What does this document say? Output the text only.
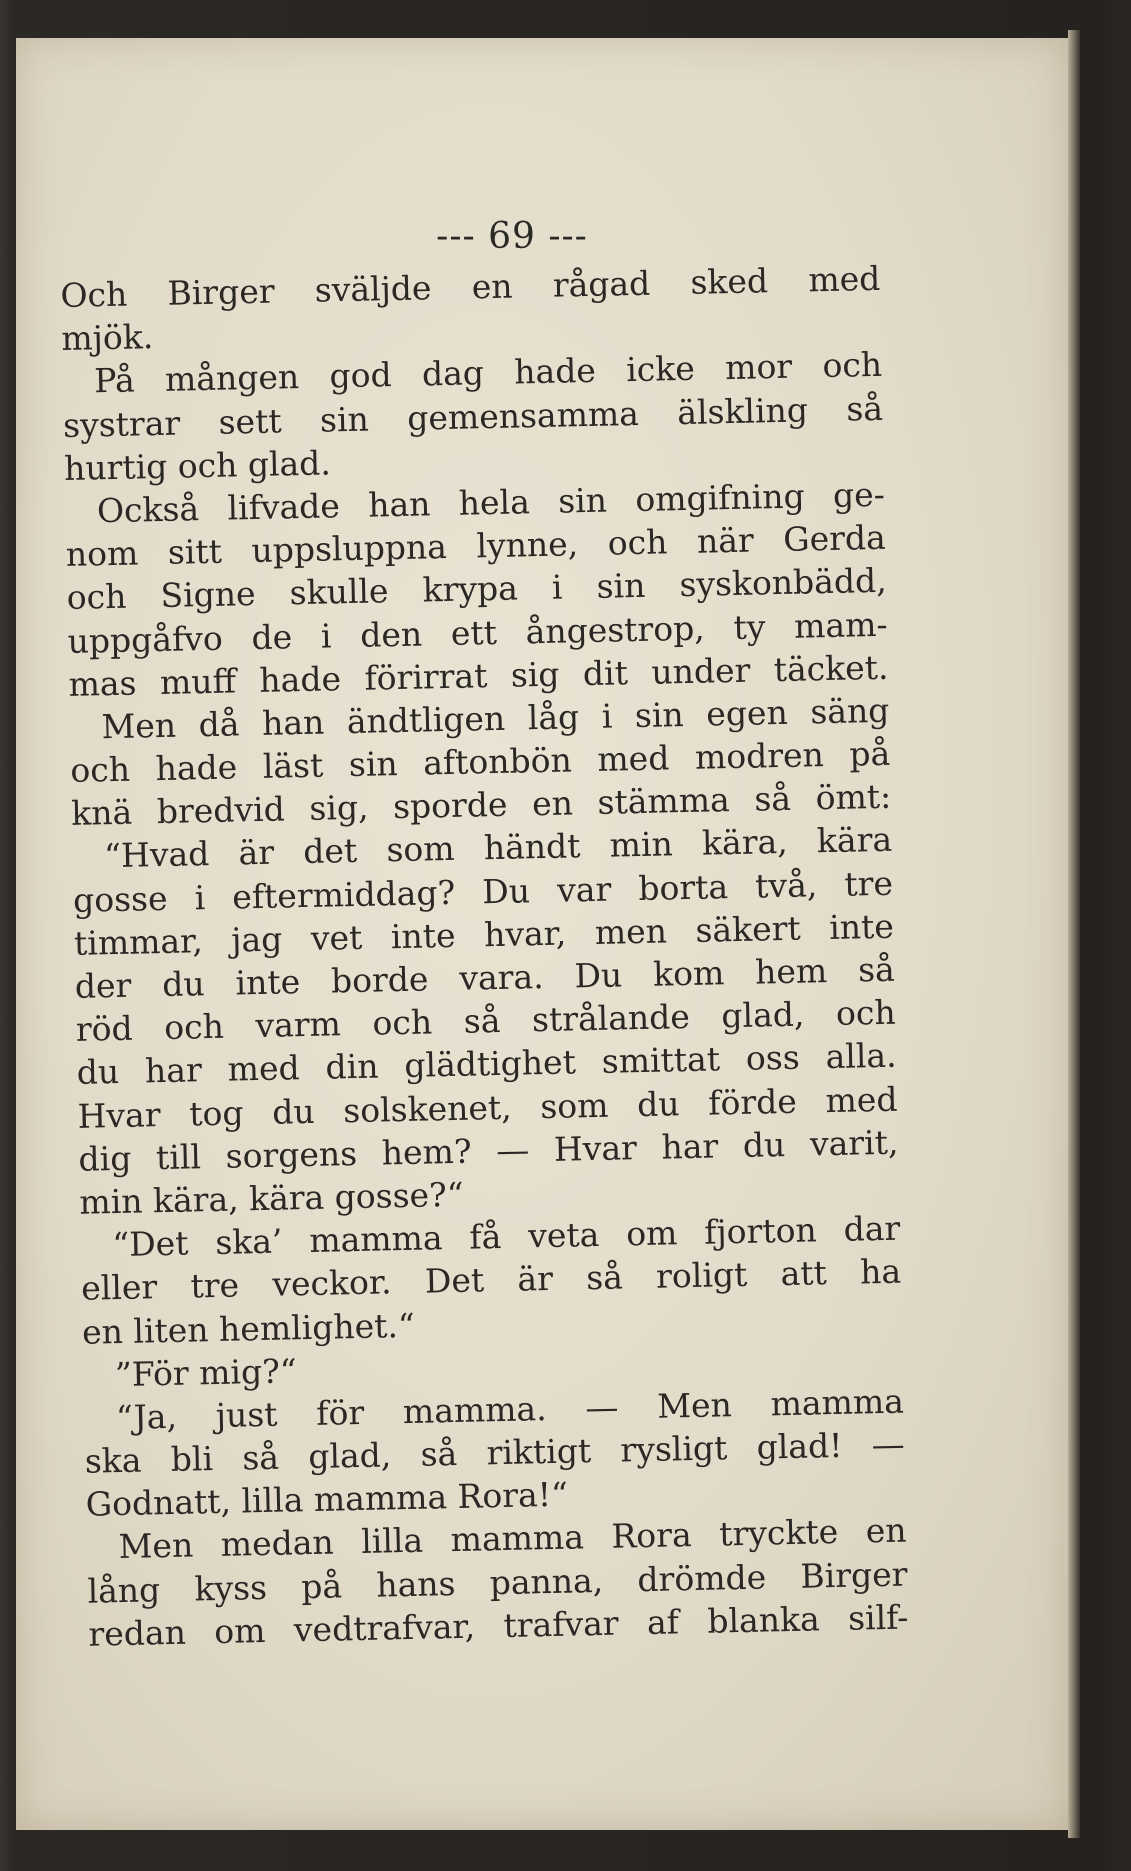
--- 69 ---
Och Birger svälјde en rågad sked med
mjök.
På mången god dag hade icke mor och
systrar sett sin gemensamma älskling så
hurtig och glad.
Också lifvade han hela sin omgifning ge-
nom sitt uppsluppna lynne, och när Gerda
och Signe skulle krypa i sin syskonbädd,
uppgåfvo de i den ett ångestrop, ty mam-
mas muff hade förirrat sig dit under täcket.
Men då han ändtligen låg i sin egen säng
och hade läst sin aftonbön med modren på
knä bredvid sig, sporde en stämma så ömt:
“Hvad är det som händt min kära, kära
gosse i eftermiddag? Du var borta två, tre
timmar, jag vet inte hvar, men säkert inte
der du inte borde vara. Du kom hem så
röd och varm och så strålande glad, och
du har med din glädtighet smittat oss alla.
Hvar tog du solskenet, som du förde med
dig till sorgens hem? — Hvar har du varit,
min kära, kära gosse?“
“Det ska’ mamma få veta om fjorton dar
eller tre veckor. Det är så roligt att ha
en liten hemlighet.“
”För mig?“
“Ja, just för mamma. — Men mamma
ska bli så glad, så riktigt rysligt glad! —
Godnatt, lilla mamma Rora!“
Men medan lilla mamma Rora tryckte en
lång kyss på hans panna, drömde Birger
redan om vedtrafvar, trafvar af blanka silf-
